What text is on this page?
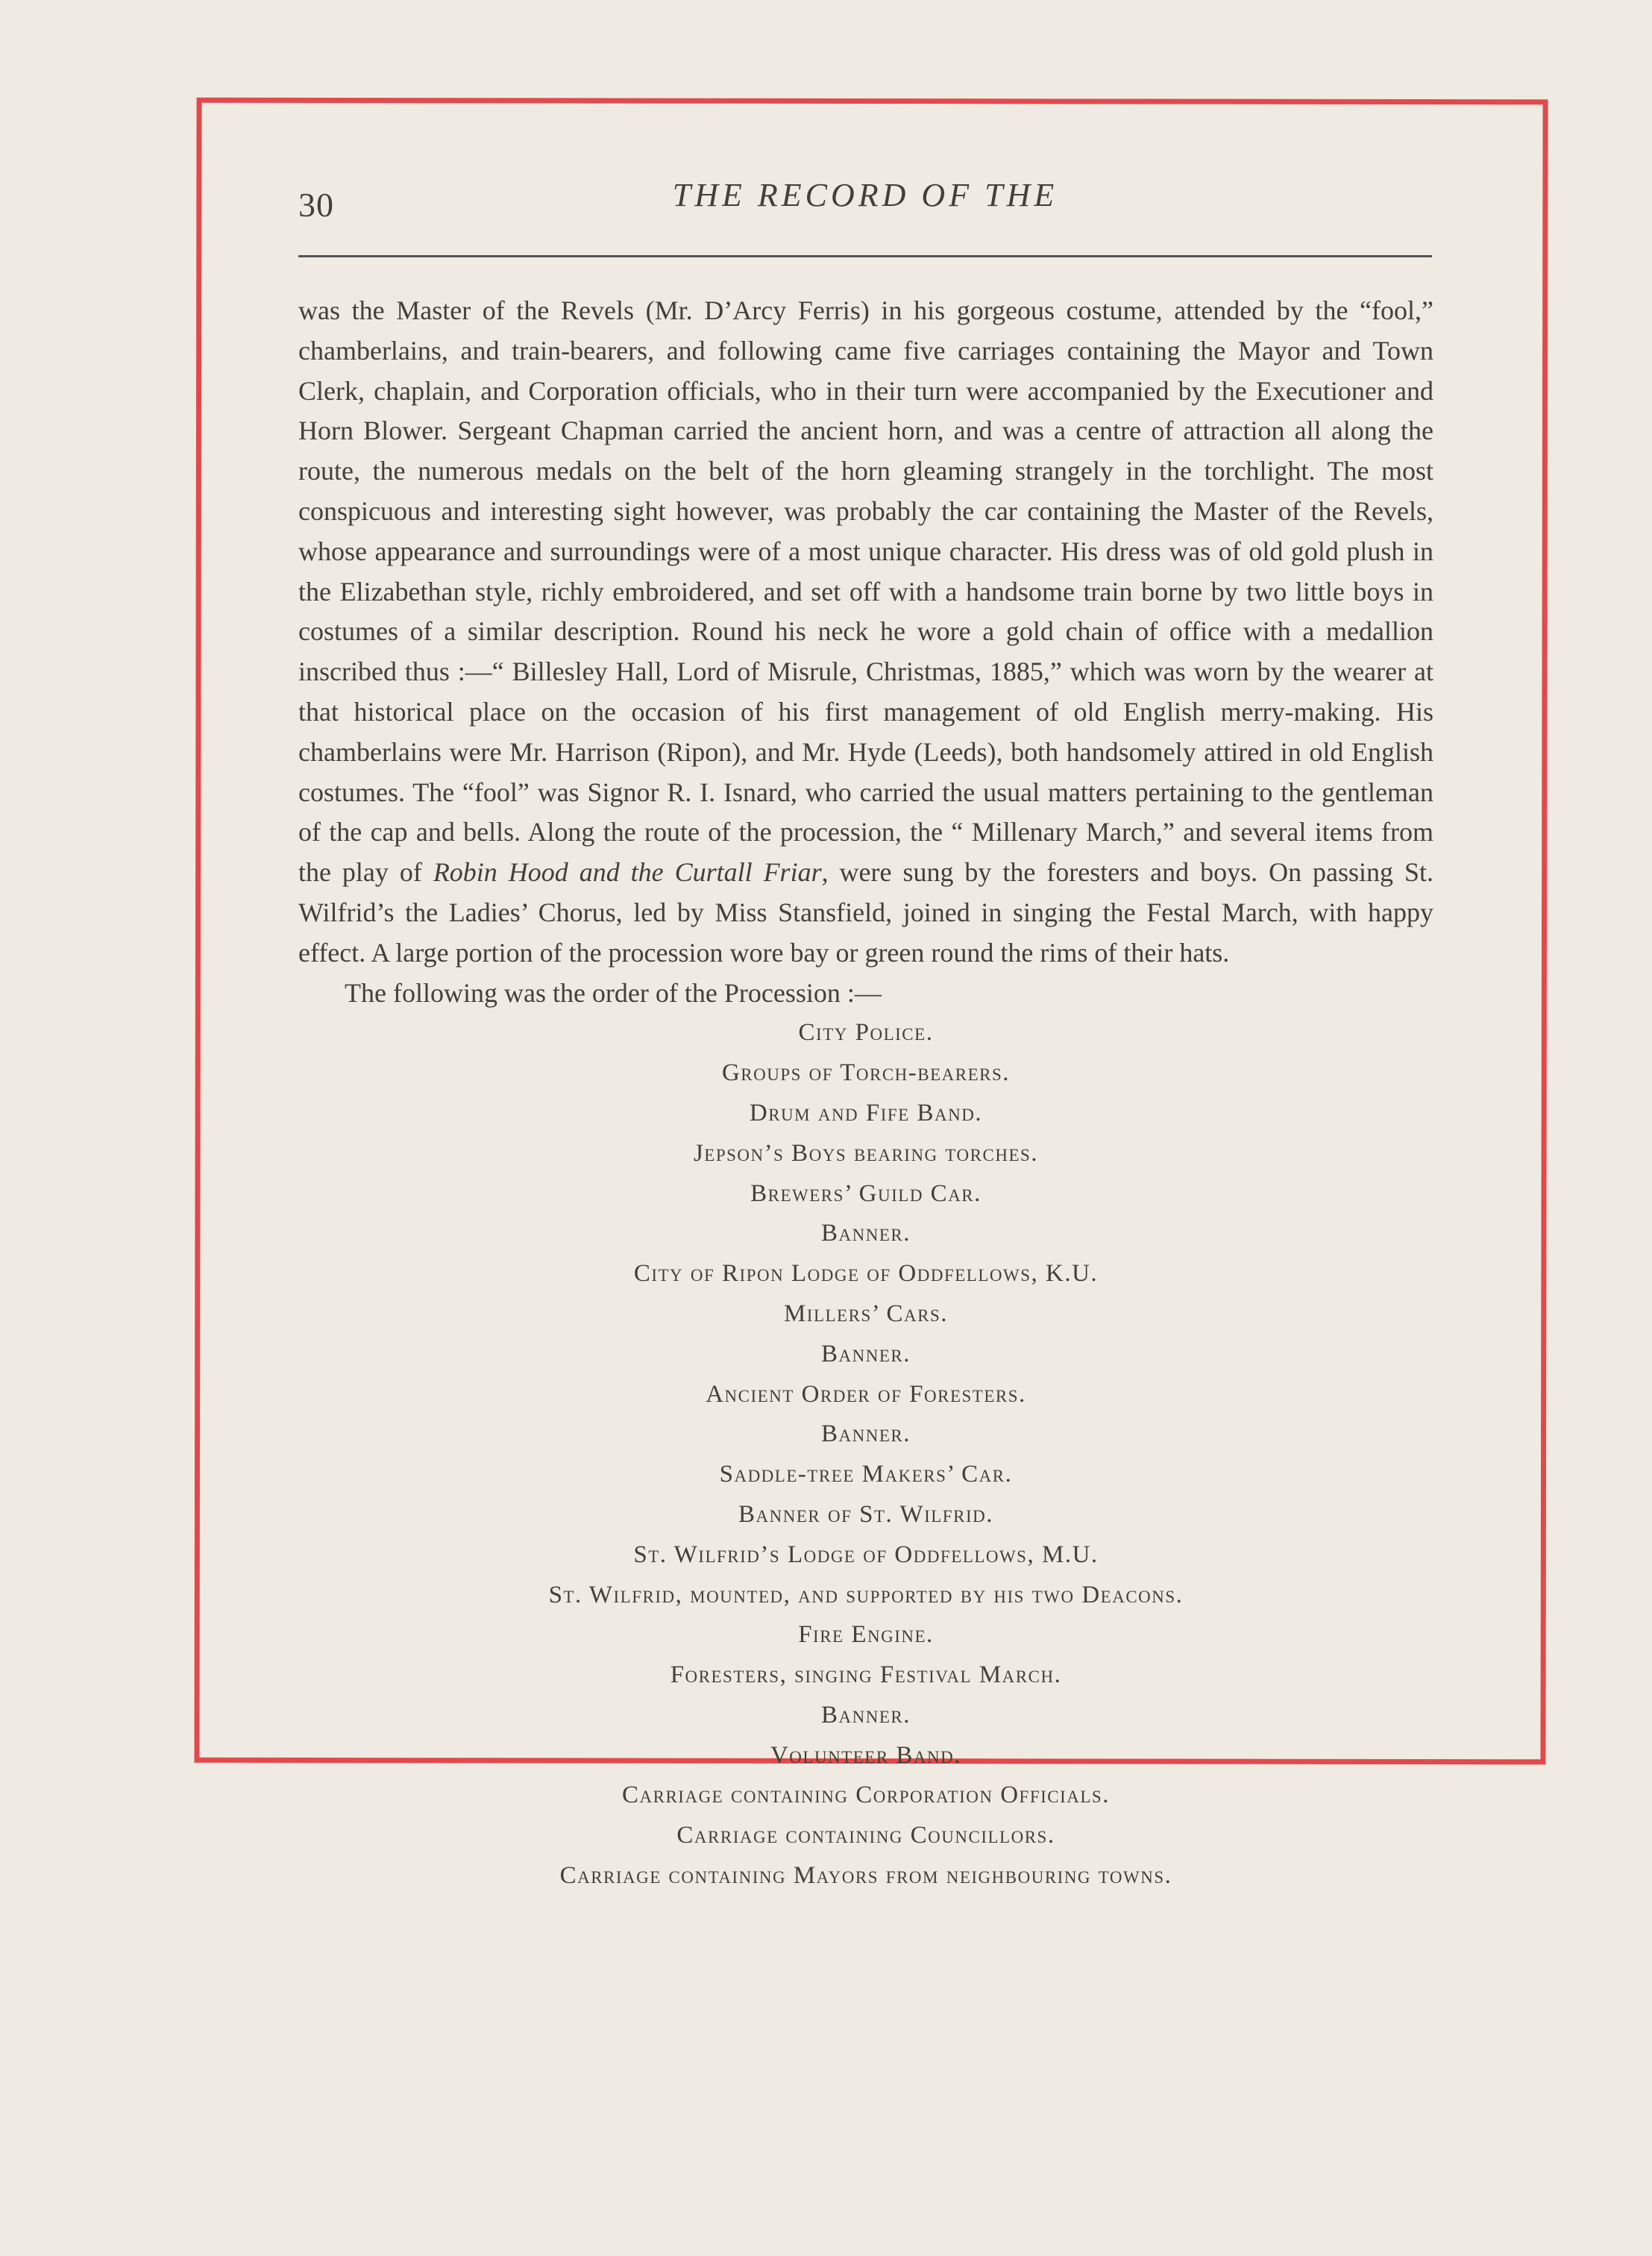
30	THE RECORD OF THE

was the Master of the Revels (Mr. D’Arcy Ferris) in his gorgeous costume, attended by the “fool,” chamberlains, and train-bearers, and following came five carriages containing the Mayor and Town Clerk, chaplain, and Corporation officials, who in their turn were accompanied by the Executioner and Horn Blower. Sergeant Chapman carried the ancient horn, and was a centre of attraction all along the route, the numerous medals on the belt of the horn gleaming strangely in the torchlight. The most conspicuous and interesting sight however, was probably the car containing the Master of the Revels, whose appearance and surroundings were of a most unique character. His dress was of old gold plush in the Elizabethan style, richly embroidered, and set off with a handsome train borne by two little boys in costumes of a similar description. Round his neck he wore a gold chain of office with a medallion inscribed thus :—“ Billesley Hall, Lord of Misrule, Christmas, 1885,” which was worn by the wearer at that historical place on the occasion of his first management of old English merry-making. His chamberlains were Mr. Harrison (Ripon), and Mr. Hyde (Leeds), both handsomely attired in old English costumes. The “fool” was Signor R. I. Isnard, who carried the usual matters pertaining to the gentleman of the cap and bells. Along the route of the procession, the “ Millenary March,” and several items from the play of Robin Hood and the Curtall Friar, were sung by the foresters and boys. On passing St. Wilfrid’s the Ladies’ Chorus, led by Miss Stansfield, joined in singing the Festal March, with happy effect. A large portion of the procession wore bay or green round the rims of their hats.

The following was the order of the Procession :—

City Police.
Groups of Torch-bearers.
Drum and Fife Band.
Jepson’s Boys bearing torches.
Brewers’ Guild Car.
Banner.
City of Ripon Lodge of Oddfellows, K.U.
Millers’ Cars.
Banner.
Ancient Order of Foresters.
Banner.
Saddle-tree Makers’ Car.
Banner of St. Wilfrid.
St. Wilfrid’s Lodge of Oddfellows, M.U.
St. Wilfrid, mounted, and supported by his two Deacons.
Fire Engine.
Foresters, singing Festival March.
Banner.
Volunteer Band.
Carriage containing Corporation Officials.
Carriage containing Councillors.
Carriage containing Mayors from neighbouring towns.
